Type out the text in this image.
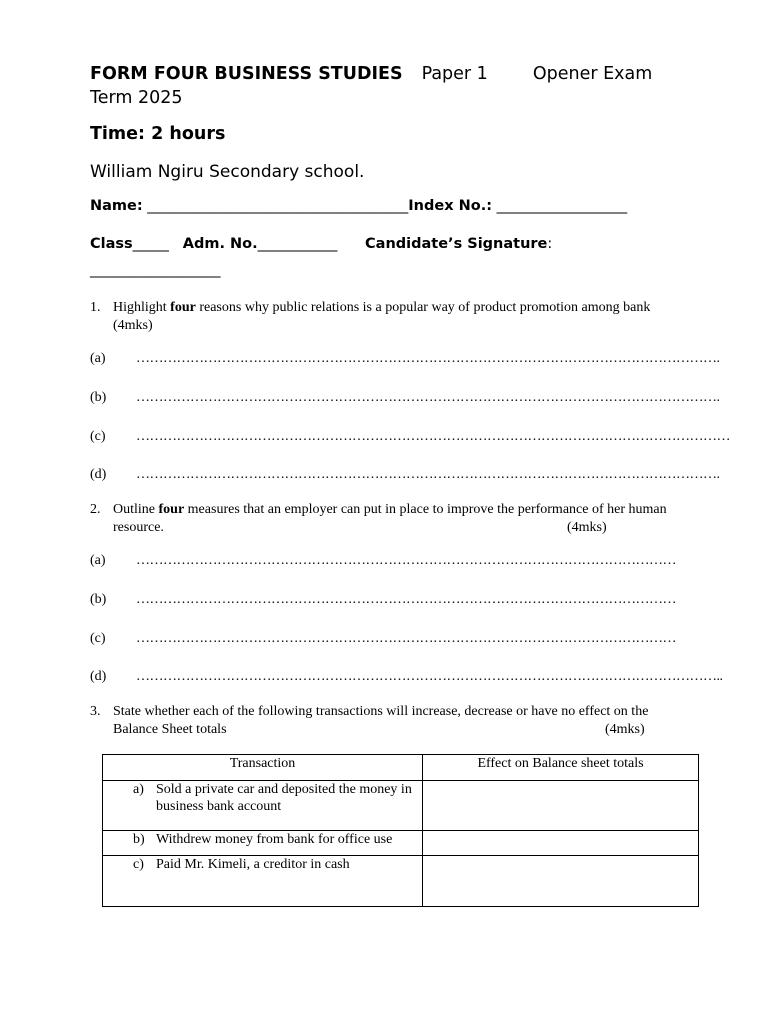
FORM FOUR BUSINESS STUDIES Paper 1	Opener Exam
Term 2025
Time: 2 hours
William Ngiru Secondary school.
Name: ____________________________________Index No.: __________________
Class_____ Adm. No.___________ Candidate’s Signature:
__________________
1. Highlight four reasons why public relations is a popular way of product promotion among bank
(4mks)
(a) ………………………………………………………………………………………………………………….
(b) ………………………………………………………………………………………………………………….
(c) ……………………………………………………………………………………………………………………
(d) ………………………………………………………………………………………………………………….
2. Outline four measures that an employer can put in place to improve the performance of her human
resource.	(4mks)
(a) …………………………………………………………………………………………………………
(b) …………………………………………………………………………………………………………
(c) …………………………………………………………………………………………………………
(d) …………………………………………………………………………………………………………………..
3. State whether each of the following transactions will increase, decrease or have no effect on the
Balance Sheet totals	(4mks)
Transaction	Effect on Balance sheet totals

a) Sold a private car and deposited the money in business bank account	

b) Withdrew money from bank for office use	

c) Paid Mr. Kimeli, a creditor in cash	
